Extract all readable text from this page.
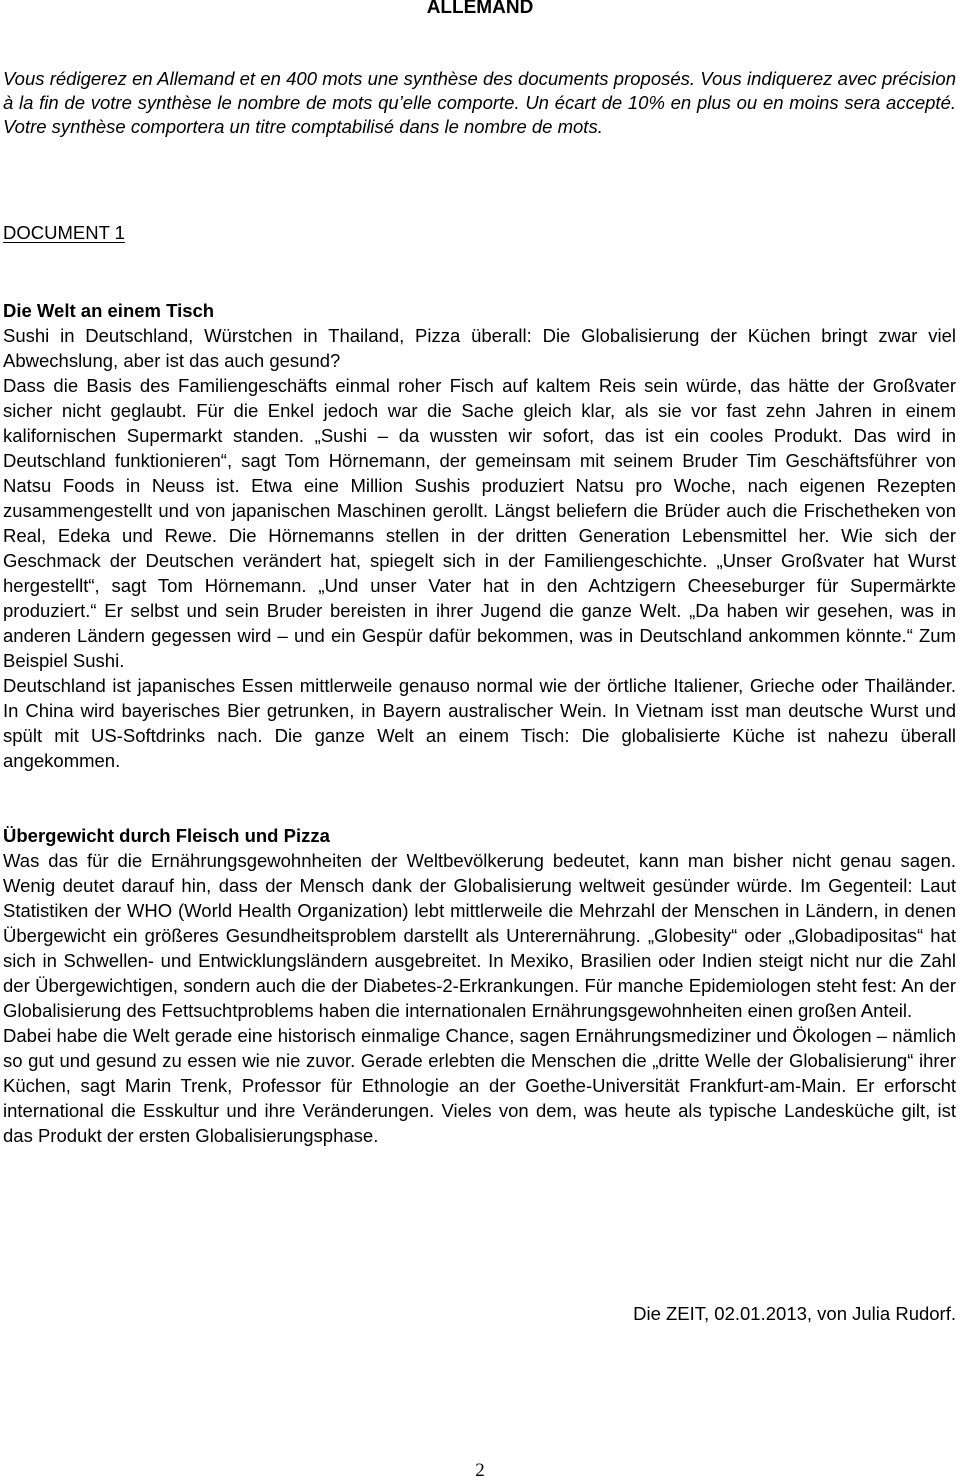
ALLEMAND

Vous rédigerez en Allemand et en 400 mots une synthèse des documents proposés. Vous indiquerez avec précision à la fin de votre synthèse le nombre de mots qu’elle comporte. Un écart de 10% en plus ou en moins sera accepté. Votre synthèse comportera un titre comptabilisé dans le nombre de mots.

DOCUMENT 1

Die Welt an einem Tisch

Sushi in Deutschland, Würstchen in Thailand, Pizza überall: Die Globalisierung der Küchen bringt zwar viel Abwechslung, aber ist das auch gesund?

Dass die Basis des Familiengeschäfts einmal roher Fisch auf kaltem Reis sein würde, das hätte der Großvater sicher nicht geglaubt. Für die Enkel jedoch war die Sache gleich klar, als sie vor fast zehn Jahren in einem kalifornischen Supermarkt standen. „Sushi – da wussten wir sofort, das ist ein cooles Produkt. Das wird in Deutschland funktionieren“, sagt Tom Hörnemann, der gemeinsam mit seinem Bruder Tim Geschäftsführer von Natsu Foods in Neuss ist. Etwa eine Million Sushis produziert Natsu pro Woche, nach eigenen Rezepten zusammengestellt und von japanischen Maschinen gerollt. Längst beliefern die Brüder auch die Frischetheken von Real, Edeka und Rewe. Die Hörnemanns stellen in der dritten Generation Lebensmittel her. Wie sich der Geschmack der Deutschen verändert hat, spiegelt sich in der Familiengeschichte. „Unser Großvater hat Wurst hergestellt“, sagt Tom Hörnemann. „Und unser Vater hat in den Achtzigern Cheeseburger für Supermärkte produziert.“ Er selbst und sein Bruder bereisten in ihrer Jugend die ganze Welt. „Da haben wir gesehen, was in anderen Ländern gegessen wird – und ein Gespür dafür bekommen, was in Deutschland ankommen könnte.“ Zum Beispiel Sushi.

Deutschland ist japanisches Essen mittlerweile genauso normal wie der örtliche Italiener, Grieche oder Thailänder. In China wird bayerisches Bier getrunken, in Bayern australischer Wein. In Vietnam isst man deutsche Wurst und spült mit US-Softdrinks nach. Die ganze Welt an einem Tisch: Die globalisierte Küche ist nahezu überall angekommen.

Übergewicht durch Fleisch und Pizza

Was das für die Ernährungsgewohnheiten der Weltbevölkerung bedeutet, kann man bisher nicht genau sagen. Wenig deutet darauf hin, dass der Mensch dank der Globalisierung weltweit gesünder würde. Im Gegenteil: Laut Statistiken der WHO (World Health Organization) lebt mittlerweile die Mehrzahl der Menschen in Ländern, in denen Übergewicht ein größeres Gesundheitsproblem darstellt als Unterernährung. „Globesity“ oder „Globadipositas“ hat sich in Schwellen- und Entwicklungsländern ausgebreitet. In Mexiko, Brasilien oder Indien steigt nicht nur die Zahl der Übergewichtigen, sondern auch die der Diabetes-2-Erkrankungen. Für manche Epidemiologen steht fest: An der Globalisierung des Fettsuchtproblems haben die internationalen Ernährungsgewohnheiten einen großen Anteil.

Dabei habe die Welt gerade eine historisch einmalige Chance, sagen Ernährungsmediziner und Ökologen – nämlich so gut und gesund zu essen wie nie zuvor. Gerade erlebten die Menschen die „dritte Welle der Globalisierung“ ihrer Küchen, sagt Marin Trenk, Professor für Ethnologie an der Goethe-Universität Frankfurt-am-Main. Er erforscht international die Esskultur und ihre Veränderungen. Vieles von dem, was heute als typische Landesküche gilt, ist das Produkt der ersten Globalisierungsphase.

Die ZEIT, 02.01.2013, von Julia Rudorf.

2
